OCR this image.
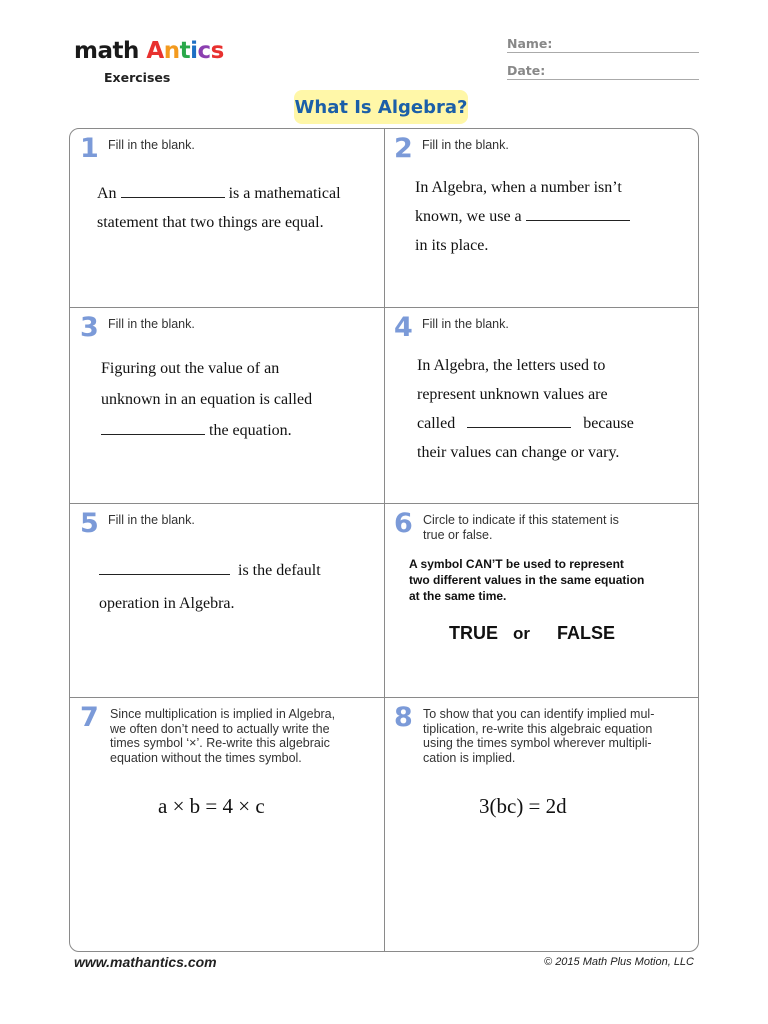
math Antics
Exercises
Name:
Date:
What Is Algebra?
1 Fill in the blank.
An	is a mathematical
statement that two things are equal.
2 Fill in the blank.
In Algebra, when a number isn’t
known, we use a
in its place.
3 Fill in the blank.
Figuring out the value of an
unknown in an equation is called
the equation.
4 Fill in the blank.
In Algebra, the letters used to
represent unknown values are
called	because
their values can change or vary.
5 Fill in the blank.
is the default
operation in Algebra.
6 Circle to indicate if this statement is
true or false.
A symbol CAN’T be used to represent
two different values in the same equation
at the same time.
TRUE or FALSE
7 Since multiplication is implied in Algebra,
we often don’t need to actually write the
times symbol ‘×’. Re-write this algebraic
equation without the times symbol.
a × b = 4 × c
8 To show that you can identify implied mul-
tiplication, re-write this algebraic equation
using the times symbol wherever multipli-
cation is implied.
3(bc) = 2d
www.mathantics.com	© 2015 Math Plus Motion, LLC
